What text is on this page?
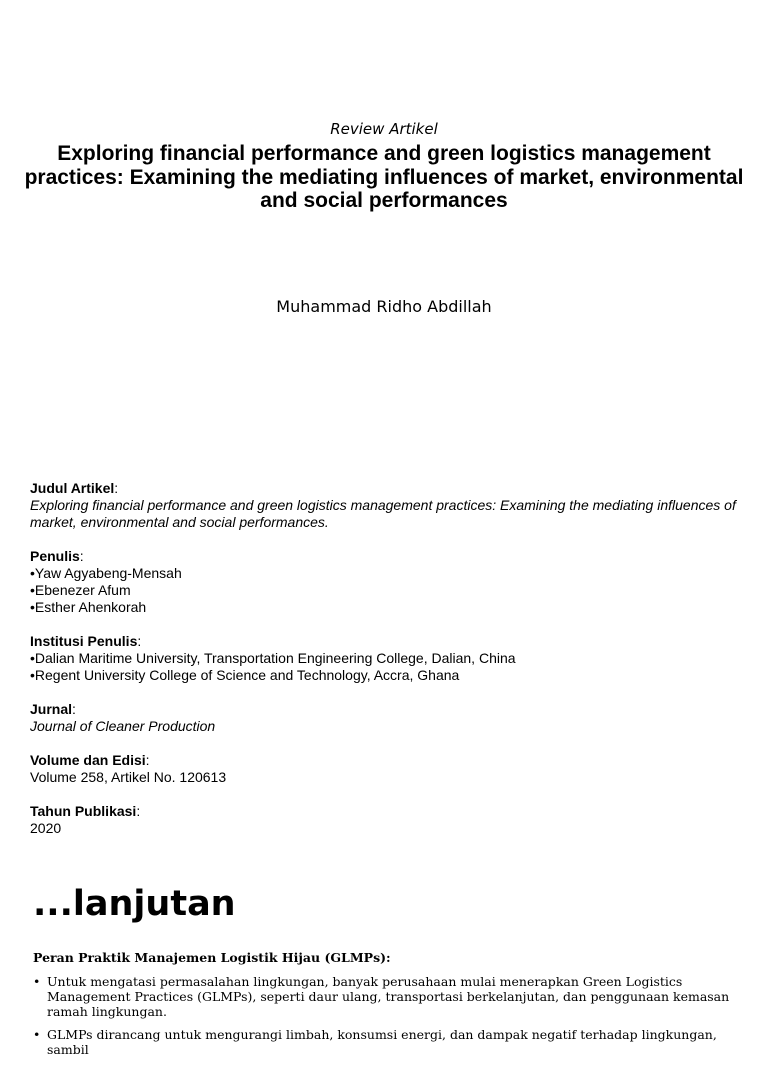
Review Artikel
Exploring financial performance and green logistics management practices: Examining the mediating influences of market, environmental and social performances
Muhammad Ridho Abdillah
Judul Artikel:
Exploring financial performance and green logistics management practices: Examining the mediating influences of market, environmental and social performances.
Penulis:
• Yaw Agyabeng-Mensah
• Ebenezer Afum
• Esther Ahenkorah
Institusi Penulis:
• Dalian Maritime University, Transportation Engineering College, Dalian, China
• Regent University College of Science and Technology, Accra, Ghana
Jurnal:
Journal of Cleaner Production
Volume dan Edisi:
Volume 258, Artikel No. 120613
Tahun Publikasi:
2020
...lanjutan
Peran Praktik Manajemen Logistik Hijau (GLMPs):
• Untuk mengatasi permasalahan lingkungan, banyak perusahaan mulai menerapkan Green Logistics Management Practices (GLMPs), seperti daur ulang, transportasi berkelanjutan, dan penggunaan kemasan ramah lingkungan.
• GLMPs dirancang untuk mengurangi limbah, konsumsi energi, dan dampak negatif terhadap lingkungan, sambil
